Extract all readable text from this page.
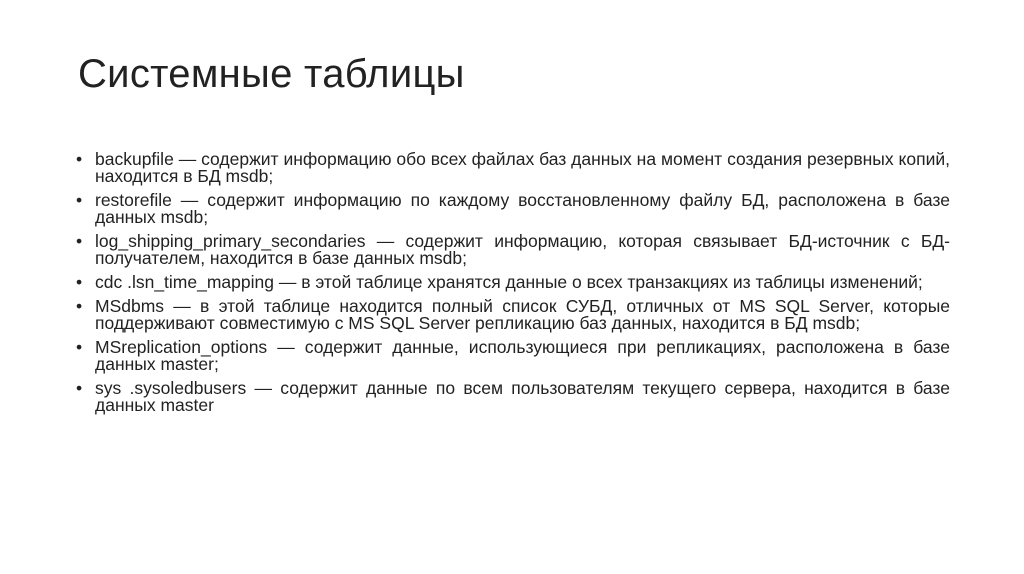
Системные таблицы
• backupfile — содержит информацию обо всех файлах баз данных на момент создания резервных копий, находится в БД msdb;
• restorefile — содержит информацию по каждому восстановленному файлу БД, расположена в базе данных msdb;
• log_shipping_primary_secondaries — содержит информацию, которая связывает БД-источник с БД-получателем, находится в базе данных msdb;
• cdc .lsn_time_mapping — в этой таблице хранятся данные о всех транзакциях из таблицы изменений;
• MSdbms — в этой таблице находится полный список СУБД, отличных от MS SQL Server, которые поддерживают совместимую с MS SQL Server репликацию баз данных, находится в БД msdb;
• MSreplication_options — содержит данные, использующиеся при репликациях, расположена в базе данных master;
• sys .sysoledbusers — содержит данные по всем пользователям текущего сервера, находится в базе данных master
